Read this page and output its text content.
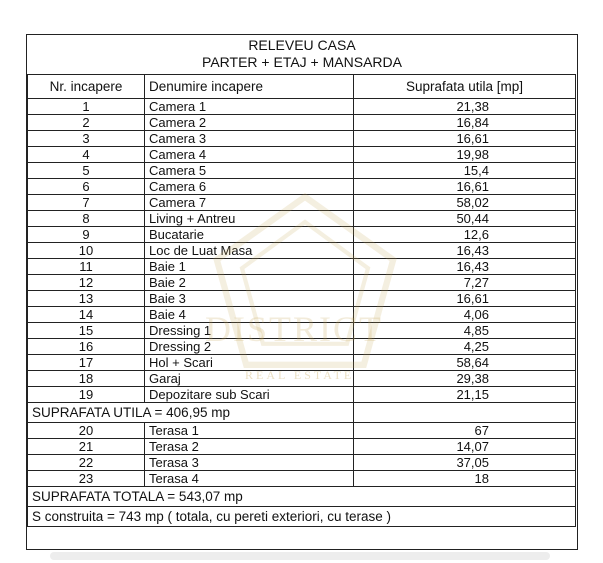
RELEVEU CASA
PARTER + ETAJ + MANSARDA
Nr. incapere	Denumire incapere	Suprafata utila [mp]
1	Camera 1	21,38
2	Camera 2	16,84
3	Camera 3	16,61
4	Camera 4	19,98
5	Camera 5	15,4
6	Camera 6	16,61
7	Camera 7	58,02
8	Living + Antreu	50,44
9	Bucatarie	12,6
10	Loc de Luat Masa	16,43
11	Baie 1	16,43
12	Baie 2	7,27
13	Baie 3	16,61
14	Baie 4	4,06
15	Dressing 1	4,85
16	Dressing 2	4,25
17	Hol + Scari	58,64
18	Garaj	29,38
19	Depozitare sub Scari	21,15
SUPRAFATA UTILA = 406,95 mp		
20	Terasa 1	67
21	Terasa 2	14,07
22	Terasa 3	37,05
23	Terasa 4	18
SUPRAFATA TOTALA = 543,07 mp		
S construita = 743 mp ( totala, cu pereti exteriori, cu terase )		
DISTRICT
REAL ESTATE
